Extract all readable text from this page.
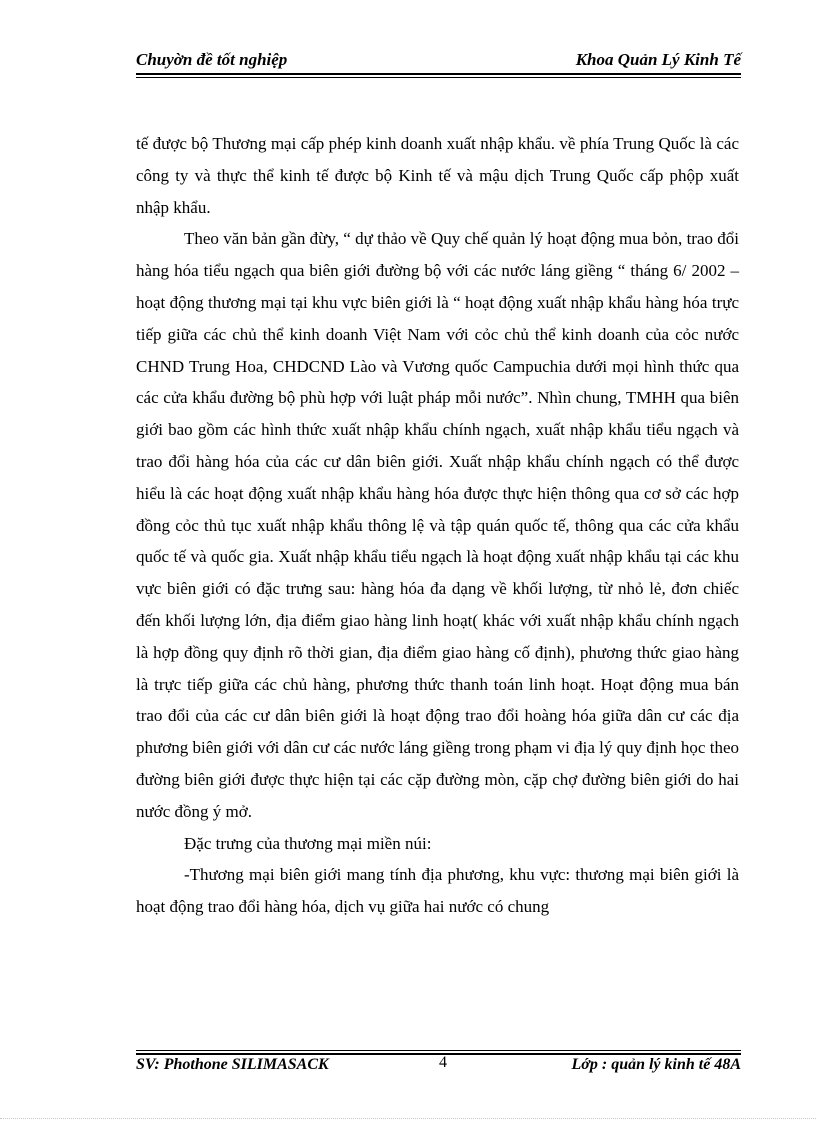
Chuyờn đề tốt nghiệp	Khoa Quản Lý Kinh Tế

tế được bộ Thương mại cấp phép kinh doanh xuất nhập khẩu. về phía Trung Quốc là các công ty và thực thể kinh tế được bộ Kinh tế và mậu dịch Trung Quốc cấp phộp xuất nhập khẩu.

Theo văn bản gần đừy, “ dự thảo về Quy chế quản lý hoạt động mua bỏn, trao đổi hàng hóa tiểu ngạch qua biên giới đường bộ với các nước láng giềng “ tháng 6/ 2002 – hoạt động thương mại tại khu vực biên giới là “ hoạt động xuất nhập khẩu hàng hóa trực tiếp giữa các chủ thể kinh doanh Việt Nam với cỏc chủ thể kinh doanh của cỏc nước CHND Trung Hoa, CHDCND Lào và Vương quốc Campuchia dưới mọi hình thức qua các cửa khẩu đường bộ phù hợp với luật pháp mỗi nước”. Nhìn chung, TMHH qua biên giới bao gồm các hình thức xuất nhập khẩu chính ngạch, xuất nhập khẩu tiểu ngạch và trao đổi hàng hóa của các cư dân biên giới. Xuất nhập khẩu chính ngạch có thể được hiểu là các hoạt động xuất nhập khẩu hàng hóa được thực hiện thông qua cơ sở các hợp đồng cỏc thủ tục xuất nhập khẩu thông lệ và tập quán quốc tế, thông qua các cửa khẩu quốc tế và quốc gia. Xuất nhập khẩu tiểu ngạch là hoạt động xuất nhập khẩu tại các khu vực biên giới có đặc trưng sau: hàng hóa đa dạng về khối lượng, từ nhỏ lẻ, đơn chiếc đến khối lượng lớn, địa điểm giao hàng linh hoạt( khác với xuất nhập khẩu chính ngạch là hợp đồng quy định rõ thời gian, địa điểm giao hàng cố định), phương thức giao hàng là trực tiếp giữa các chủ hàng, phương thức thanh toán linh hoạt. Hoạt động mua bán trao đổi của các cư dân biên giới là hoạt động trao đổi hoàng hóa giữa dân cư các địa phương biên giới với dân cư các nước láng giềng trong phạm vi địa lý quy định học theo đường biên giới được thực hiện tại các cặp đường mòn, cặp chợ đường biên giới do hai nước đồng ý mở.

Đặc trưng của thương mại miền núi:

-Thương mại biên giới mang tính địa phương, khu vực: thương mại biên giới là hoạt động trao đổi hàng hóa, dịch vụ giữa hai nước có chung

SV: Phothone SILIMASACK	4	Lớp : quản lý kinh tế 48A
